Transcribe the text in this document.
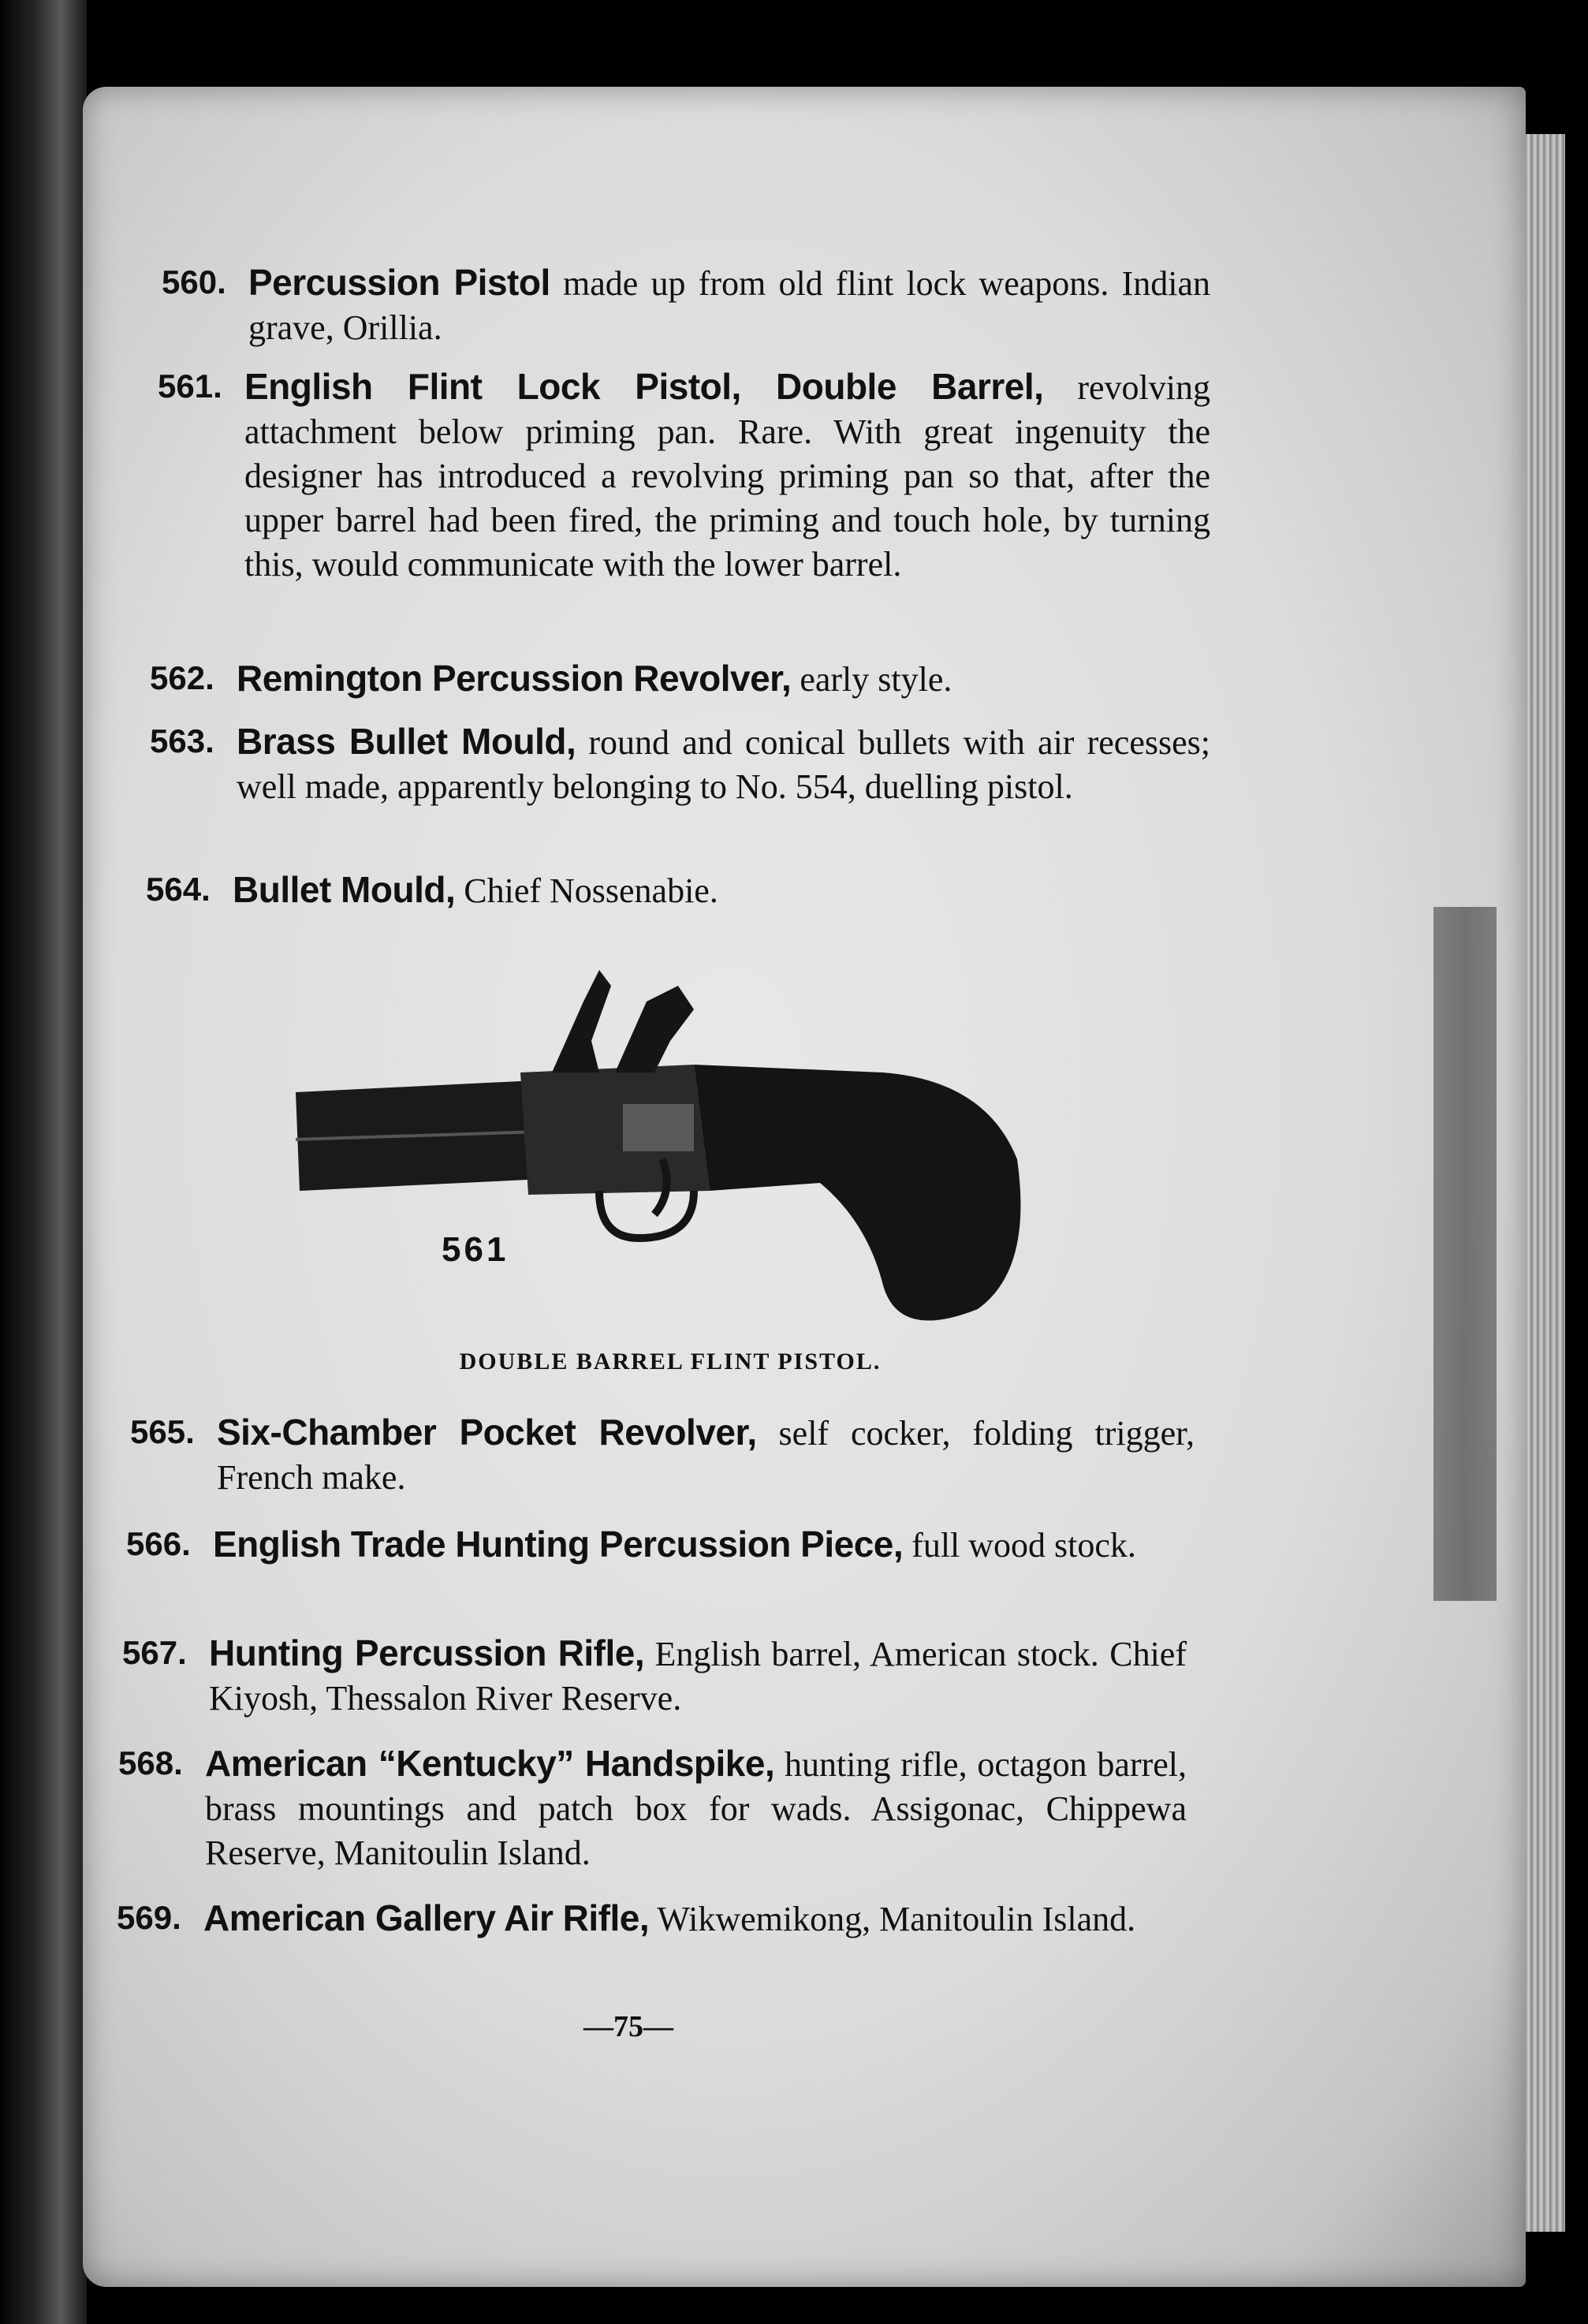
560. Percussion Pistol made up from old flint lock weapons. Indian grave, Orillia.
561. English Flint Lock Pistol, Double Barrel, revolving attachment below priming pan. Rare. With great ingenuity the designer has introduced a revolving priming pan so that, after the upper barrel had been fired, the priming and touch hole, by turning this, would communicate with the lower barrel.
562. Remington Percussion Revolver, early style.
563. Brass Bullet Mould, round and conical bullets with air recesses; well made, apparently belonging to No. 554, duelling pistol.
564. Bullet Mould, Chief Nossenabie.
561
DOUBLE BARREL FLINT PISTOL.
565. Six-Chamber Pocket Revolver, self cocker, folding trigger, French make.
566. English Trade Hunting Percussion Piece, full wood stock.
567. Hunting Percussion Rifle, English barrel, American stock. Chief Kiyosh, Thessalon River Reserve.
568. American “Kentucky” Handspike, hunting rifle, octagon barrel, brass mountings and patch box for wads. Assigonac, Chippewa Reserve, Manitoulin Island.
569. American Gallery Air Rifle, Wikwemikong, Manitoulin Island.
—75—
